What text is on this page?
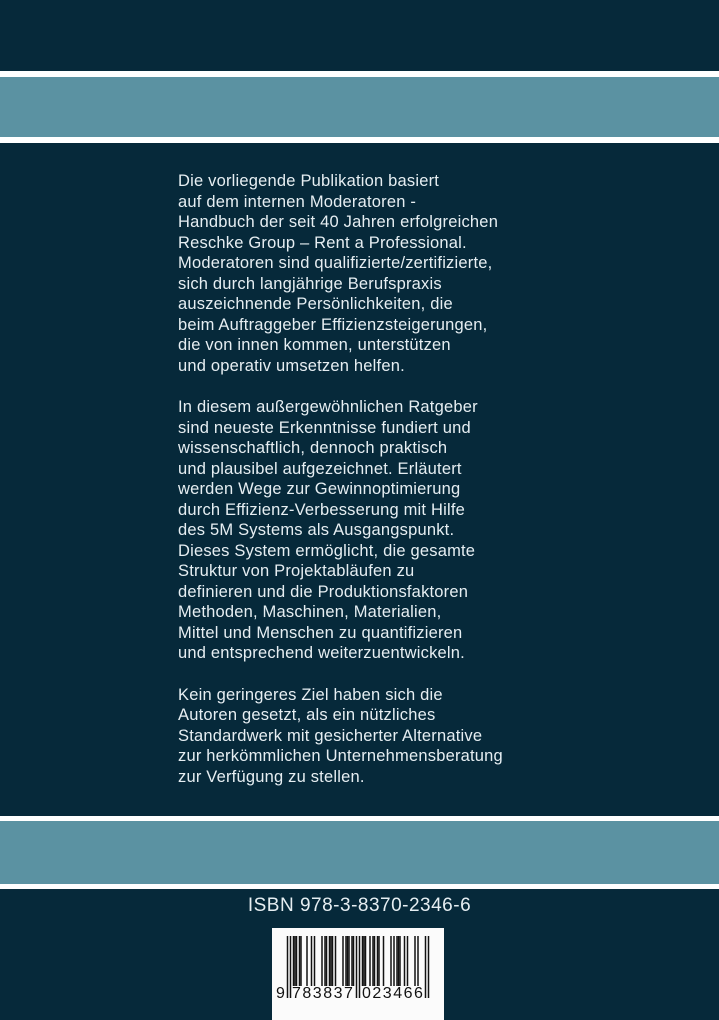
Die vorliegende Publikation basiert
auf dem internen Moderatoren -
Handbuch der seit 40 Jahren erfolgreichen
Reschke Group – Rent a Professional.
Moderatoren sind qualifizierte/zertifizierte,
sich durch langjährige Berufspraxis
auszeichnende Persönlichkeiten, die
beim Auftraggeber Effizienzsteigerungen,
die von innen kommen, unterstützen
und operativ umsetzen helfen.

In diesem außergewöhnlichen Ratgeber
sind neueste Erkenntnisse fundiert und
wissenschaftlich, dennoch praktisch
und plausibel aufgezeichnet. Erläutert
werden Wege zur Gewinnoptimierung
durch Effizienz-Verbesserung mit Hilfe
des 5M Systems als Ausgangspunkt.
Dieses System ermöglicht, die gesamte
Struktur von Projektabläufen zu
definieren und die Produktionsfaktoren
Methoden, Maschinen, Materialien,
Mittel und Menschen zu quantifizieren
und entsprechend weiterzuentwickeln.

Kein geringeres Ziel haben sich die
Autoren gesetzt, als ein nützliches
Standardwerk mit gesicherter Alternative
zur herkömmlichen Unternehmensberatung
zur Verfügung zu stellen.

ISBN 978-3-8370-2346-6
9 783837 023466
